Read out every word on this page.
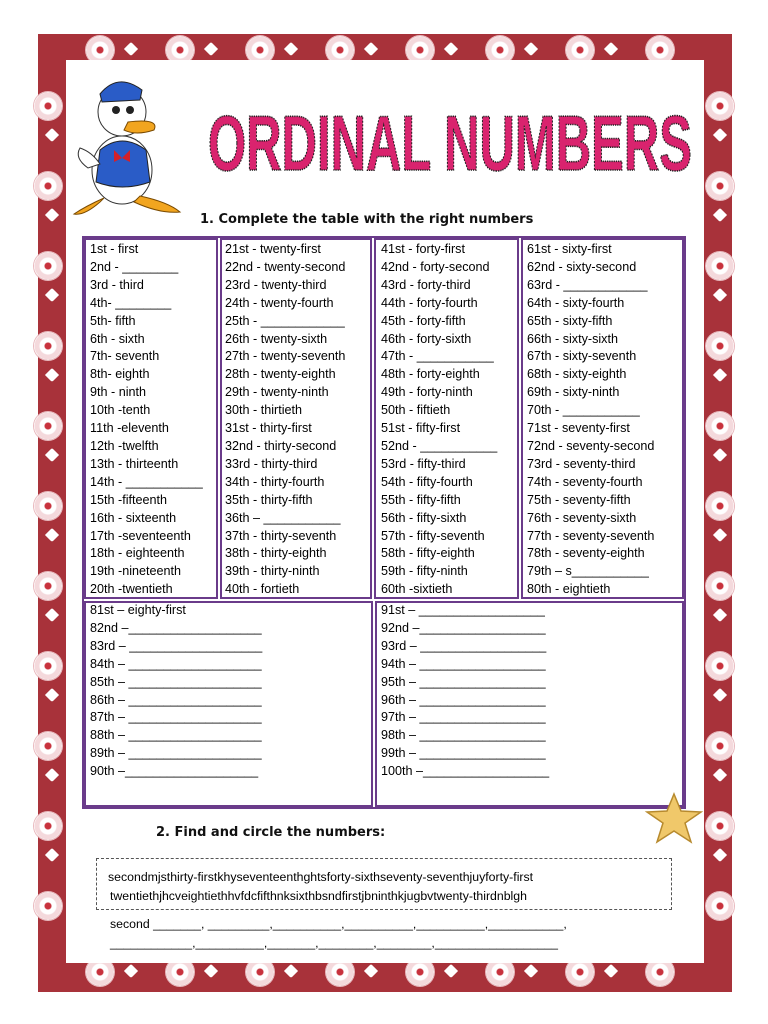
ORDINAL NUMBERS
1. Complete the table with the right numbers
1st - first
2nd - ________
3rd - third
4th- ________
5th- fifth
6th - sixth
7th- seventh
8th- eighth
9th - ninth
10th -tenth
11th -eleventh
12th -twelfth
13th - thirteenth
14th - ___________
15th -fifteenth
16th - sixteenth
17th -seventeenth
18th - eighteenth
19th -nineteenth
20th -twentieth
21st - twenty-first
22nd - twenty-second
23rd - twenty-third
24th - twenty-fourth
25th - ____________
26th - twenty-sixth
27th - twenty-seventh
28th - twenty-eighth
29th - twenty-ninth
30th - thirtieth
31st - thirty-first
32nd - thirty-second
33rd - thirty-third
34th - thirty-fourth
35th - thirty-fifth
36th – ___________
37th - thirty-seventh
38th - thirty-eighth
39th - thirty-ninth
40th - fortieth
41st - forty-first
42nd - forty-second
43rd - forty-third
44th - forty-fourth
45th - forty-fifth
46th - forty-sixth
47th - ___________
48th - forty-eighth
49th - forty-ninth
50th - fiftieth
51st - fifty-first
52nd - ___________
53rd - fifty-third
54th - fifty-fourth
55th - fifty-fifth
56th - fifty-sixth
57th - fifty-seventh
58th - fifty-eighth
59th - fifty-ninth
60th -sixtieth
61st - sixty-first
62nd - sixty-second
63rd - ____________
64th - sixty-fourth
65th - sixty-fifth
66th - sixty-sixth
67th - sixty-seventh
68th - sixty-eighth
69th - sixty-ninth
70th - ___________
71st - seventy-first
72nd - seventy-second
73rd - seventy-third
74th - seventy-fourth
75th - seventy-fifth
76th - seventy-sixth
77th - seventy-seventh
78th - seventy-eighth
79th – s___________
80th - eightieth
81st – eighty-first
82nd –___________________
83rd – ___________________
84th – ___________________
85th – ___________________
86th – ___________________
87th – ___________________
88th – ___________________
89th – ___________________
90th –___________________
91st – __________________
92nd –__________________
93rd – __________________
94th – __________________
95th – __________________
96th – __________________
97th – __________________
98th – __________________
99th – __________________
100th –__________________
2. Find and circle the numbers:
secondmjsthirty-firstkhyseventeenthghtsforty-sixthseventy-seventhjuyforty-first
twentiethjhcveightiethhvfdcfifthnksixthbsndfirstjbninthkjugbvtwenty-thirdnblgh
second _______, _________,__________,__________,__________,___________,
____________,__________,_______,________,________,__________________
